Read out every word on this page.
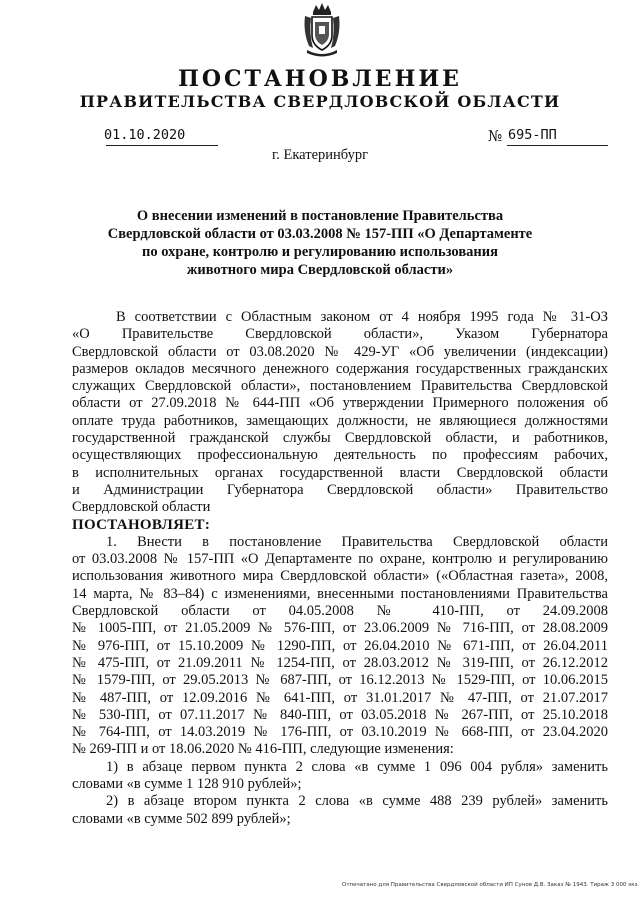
ПОСТАНОВЛЕНИЕ
ПРАВИТЕЛЬСТВА СВЕРДЛОВСКОЙ ОБЛАСТИ
01.10.2020	№ 695-ПП
г. Екатеринбург
О внесении изменений в постановление Правительства
Свердловской области от 03.03.2008 № 157-ПП «О Департаменте
по охране, контролю и регулированию использования
животного мира Свердловской области»
В соответствии с Областным законом от 4 ноября 1995 года № 31-ОЗ
«О Правительстве Свердловской области», Указом Губернатора
Свердловской области от 03.08.2020 № 429-УГ «Об увеличении (индексации)
размеров окладов месячного денежного содержания государственных гражданских
служащих Свердловской области», постановлением Правительства Свердловской
области от 27.09.2018 № 644-ПП «Об утверждении Примерного положения об
оплате труда работников, замещающих должности, не являющиеся должностями
государственной гражданской службы Свердловской области, и работников,
осуществляющих профессиональную деятельность по профессиям рабочих,
в исполнительных органах государственной власти Свердловской области
и Администрации Губернатора Свердловской области» Правительство
Свердловской области
ПОСТАНОВЛЯЕТ:
1. Внести в постановление Правительства Свердловской области
от 03.03.2008 № 157-ПП «О Департаменте по охране, контролю и регулированию
использования животного мира Свердловской области» («Областная газета», 2008,
14 марта, № 83–84) с изменениями, внесенными постановлениями Правительства
Свердловской области от 04.05.2008 № 410-ПП, от 24.09.2008
№ 1005-ПП, от 21.05.2009 № 576-ПП, от 23.06.2009 № 716-ПП, от 28.08.2009
№ 976-ПП, от 15.10.2009 № 1290-ПП, от 26.04.2010 № 671-ПП, от 26.04.2011
№ 475-ПП, от 21.09.2011 № 1254-ПП, от 28.03.2012 № 319-ПП, от 26.12.2012
№ 1579-ПП, от 29.05.2013 № 687-ПП, от 16.12.2013 № 1529-ПП, от 10.06.2015
№ 487-ПП, от 12.09.2016 № 641-ПП, от 31.01.2017 № 47-ПП, от 21.07.2017
№ 530-ПП, от 07.11.2017 № 840-ПП, от 03.05.2018 № 267-ПП, от 25.10.2018
№ 764-ПП, от 14.03.2019 № 176-ПП, от 03.10.2019 № 668-ПП, от 23.04.2020
№ 269-ПП и от 18.06.2020 № 416-ПП, следующие изменения:
1) в абзаце первом пункта 2 слова «в сумме 1 096 004 рубля» заменить
словами «в сумме 1 128 910 рублей»;
2) в абзаце втором пункта 2 слова «в сумме 488 239 рублей» заменить
словами «в сумме 502 899 рублей»;
Отпечатано для Правительства Свердловской области ИП Сунов Д.В. Заказ № 1943. Тираж 3 000 экз.
